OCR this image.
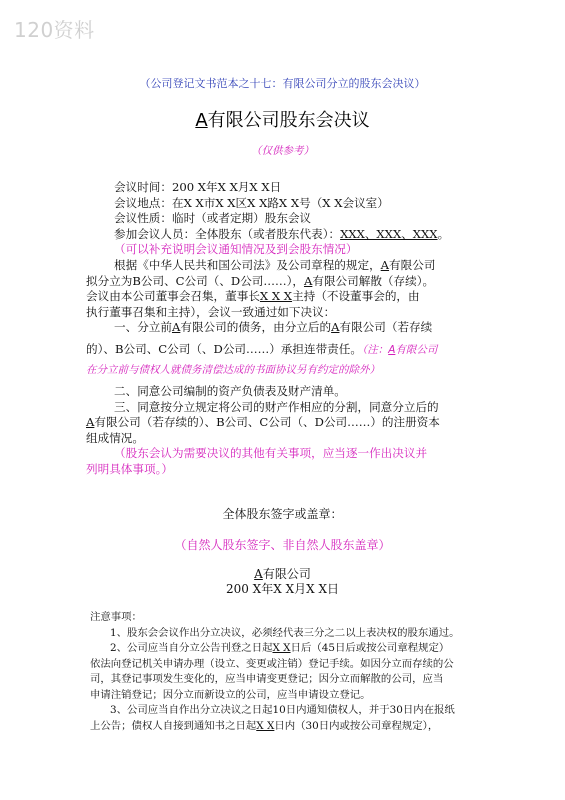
120资料
（公司登记文书范本之十七：有限公司分立的股东会决议）
A有限公司股东会决议
（仅供参考）

会议时间：200 X年X X月X X日

会议地点：在X X市X X区X X路X X号（X X会议室）

会议性质：临时（或者定期）股东会议

参加会议人员：全体股东（或者股东代表）：XXX、XXX、XXX。

（可以补充说明会议通知情况及到会股东情况）

根据《中华人民共和国公司法》及公司章程的规定，A有限公司

拟分立为B公司、C公司（、D公司……），A有限公司解散（存续）。

会议由本公司董事会召集，董事长X X X主持（不设董事会的，由

执行董事召集和主持），会议一致通过如下决议：

一、分立前A有限公司的债务，由分立后的A有限公司（若存续

的）、B公司、C公司（、D公司……）承担连带责任。（注：A有限公司

在分立前与债权人就债务清偿达成的书面协议另有约定的除外）

二、同意公司编制的资产负债表及财产清单。

三、同意按分立规定将公司的财产作相应的分割，同意分立后的

A有限公司（若存续的）、B公司、C公司（、D公司……）的注册资本

组成情况。

（股东会认为需要决议的其他有关事项，应当逐一作出决议并

列明具体事项。）

全体股东签字或盖章：
（自然人股东签字、非自然人股东盖章）
A有限公司
200 X年X X月X X日

注意事项：

1、股东会会议作出分立决议，必须经代表三分之二以上表决权的股东通过。

2、公司应当自分立公告刊登之日起X X日后（45日后或按公司章程规定）

依法向登记机关申请办理（设立、变更或注销）登记手续。如因分立而存续的公

司，其登记事项发生变化的，应当申请变更登记；因分立而解散的公司，应当

申请注销登记；因分立而新设立的公司，应当申请设立登记。

3、公司应当自作出分立决议之日起10日内通知债权人，并于30日内在报纸

上公告；债权人自接到通知书之日起X X日内（30日内或按公司章程规定），
